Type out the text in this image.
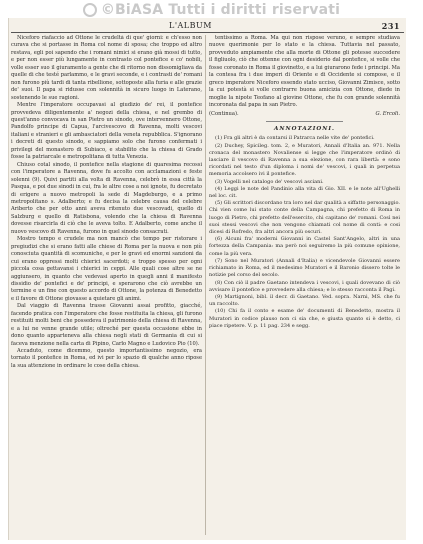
©BiASA Tutti i diritti riservati
L'ALBUM	231

Niceforo riafaccio ad Ottone le crudeltà di que' giorni: e ch'esso non curava che si portasse in Roma col nome di sposa; che troppo ed altro restava, egli poi sapendo che i romani nimici si erano già mossi di tutto, e per non esser più lungamente in contrasto col pontefice e co' nobili, volle esser suo il giuramento a gente che di ritorno non dissomigliava da quelle di che testé parlammo, e le gravi seconde, e i contrasti de' romani non furono più tardi di tanta ribellione, sottoposte alla furia e alle grazie de' suoi. Il papa si ridusse con solennità in sicuro luogo in Laterano, sostenendo le sue ragioni.

Mentre l'imperatore occupavasi al giudizio de' rei, il pontefice provvedeva diligentemente a' negozi della chiesa, e nel grembo di quest'anno convocava in san Pietro un sinodo, ove intervennero Ottone, Pandolfo principe di Capua, l'arcivescovo di Ravenna, molti vescovi italiani e stranieri e gli ambasciatori della veneta repubblica. S'ignorano i decreti di questo sinodo, e sappiamo solo che furono confermati i privilegi del monastero di Subiaco, e stabilito che la chiesa di Grado fosse la patriarcale e metropolitana di tutta Venezia.

Chiuso cotal sinodo, il pontefice nella stagione di quaresima recossi con l'imperatore a Ravenna, dove fu accolto con acclamazioni e feste solenni (9). Quivi partiti alla volta di Ravenna, celebrò in essa città la Pasqua, e poi due sinodi in cui, fra le altre cose a noi ignote, fu decretato di erigere a nuovo metropoli la sede di Magdeburgo, e a primo metropolitano s. Adalberto; e fu decisa la celebre causa del celebre Ariberto che per otto anni aveva ritenuto due vescovadi, quello di Salzburg e quello di Ratisbona, volendo che la chiesa di Ravenna dovesse risarcirla di ciò che le aveva tolto. E Adalberto, come anche il nuovo vescovo di Ravenna, furono in quel sinodo consacrati.

Mostro tempo e crudele ma non mancò che tempo per ristorare i pregiudizi che si erano fatti alle chiese di Roma per la nuova e non più conosciuta quantità di scomuniche, e per le gravi ed enormi sanzioni da cui erano oppressi molti chierici sacerdoti; e troppo spesso per ogni piccola cosa gettavansi i chierici in ceppi. Alle quali cose altre se ne aggiunsero, in quanto che vedevasi aperto in quegli anni il manifesto dissidio de' pontefici e de' principi, e sperarono che ciò avrebbe un termine e un fine con questo accordo di Ottone, la potenza di Benedetto e il favore di Ottone giovasse a quietare gli animi.

Dal viaggio di Ravenna trasse Giovanni assai profitto, giacché, facendo pratica con l'imperatore che fosse restituita la chiesa, gli furono restituiti molti beni che possedeva il patrimonio della chiesa di Ravenna, e a lui ne venne grande utile; oltreché per questa occasione ebbe in dono quanto apparteneva alla chiesa negli stati di Germania di cui si faceva menzione nella carta di Pipino, Carlo Magno e Ludovico Pio (10).

Accaduto, come dicemmo, questo importantissimo negozio, era tornato il pontefice in Roma, ed ivi per lo spazio di qualche anno ripose la sua attenzione in ordinare le cose della chiesa.

tentissimo a Roma. Ma qui non rispose veruno, e sempre studiava nuove querimonie per lo stato e la chiesa. Tuttavia nel passato, provveduto ampiamente che alla morte di Ottone gli potesse succedere il figliuolo, ciò che ottenne con ogni desiderio dal pontefice, si volle che fosse coronato in Roma il giovinetto, e a lui giurarono fede i principi. Ma la contesa fra i due imperi di Oriente e di Occidente si compose, e il greco imperatore Niceforo essendo stato ucciso, Giovanni Zimisce, sotto la cui potestà si volle contrarre buona amicizia con Ottone, diede in moglie la nipote Teofano al giovine Ottone, che fu con grande solennità incoronata dal papa in san Pietro.

(Continua).	G. Ercoli.
ANNOTAZIONI.

(1) Fra gli altri è da contarsi il Patrarca nelle vite de' pontefici.

(2) Duchey, Spicileg. tom. 2, e Muratori, Annali d'Italia an. 971. Nella cronaca del monastero Novaliense si legge che l'imperatore ordinò di lasciare il vescovo di Ravenna a sua elezione, con rara libertà: e sono ricordati nel testo d'un diploma i nomi de' vescovi, i quali in perpetua memoria accolsero ivi il pontefice.

(3) Vogelli nel catalogo de' vescovi asciani.

(4) Leggi le note del Pandinio alla vita di Gio. XII. e le note all'Ughelli nel loc. cit.

(5) Gli scrittori discordano tra loro nel dar qualità a siffatto personaggio. Chi vien come lui stato conte della Campagna, chi prefetto di Roma in luogo di Pietro, chi prefetto dell'esercito, chi capitano de' romani. Così nei suoi stessi vescovi che non vengono chiamati col nome di conti: e cosi dicesi di Rofredo, fra altri ancora più oscuri.

(6) Alcuni fra' moderni Giovanni in Castel Sant'Angelo, altri in una fortezza della Campania: ma però noi seguiremo la più comune opinione, come la più vera.

(7) Sono nel Muratori (Annali d'Italia) e vicendevole Giovanni essere richiamato in Roma, ed il medesimo Muratori e il Baronio dissero tolte le notizie pel corso del secolo.

(8) Con ciò il padre Gaetano intendeva i vescovi, i quali dovevano di ciò avvisare il pontefice e provvedere alla chiesa; e lo stesso racconta il Pagi.

(9) Martignoni, bibl. il decr. di Gaetano. Ved. sopra. Narni, MS. che fu un raccolto.

(10) Chi fa il conto e esame de' documenti di Benedetto, mostra il Muratori in codice plauso non ci sia che, e giusta quanto si è detto, ci piace ripetere. V. p. 11 pag. 234 e segg.
